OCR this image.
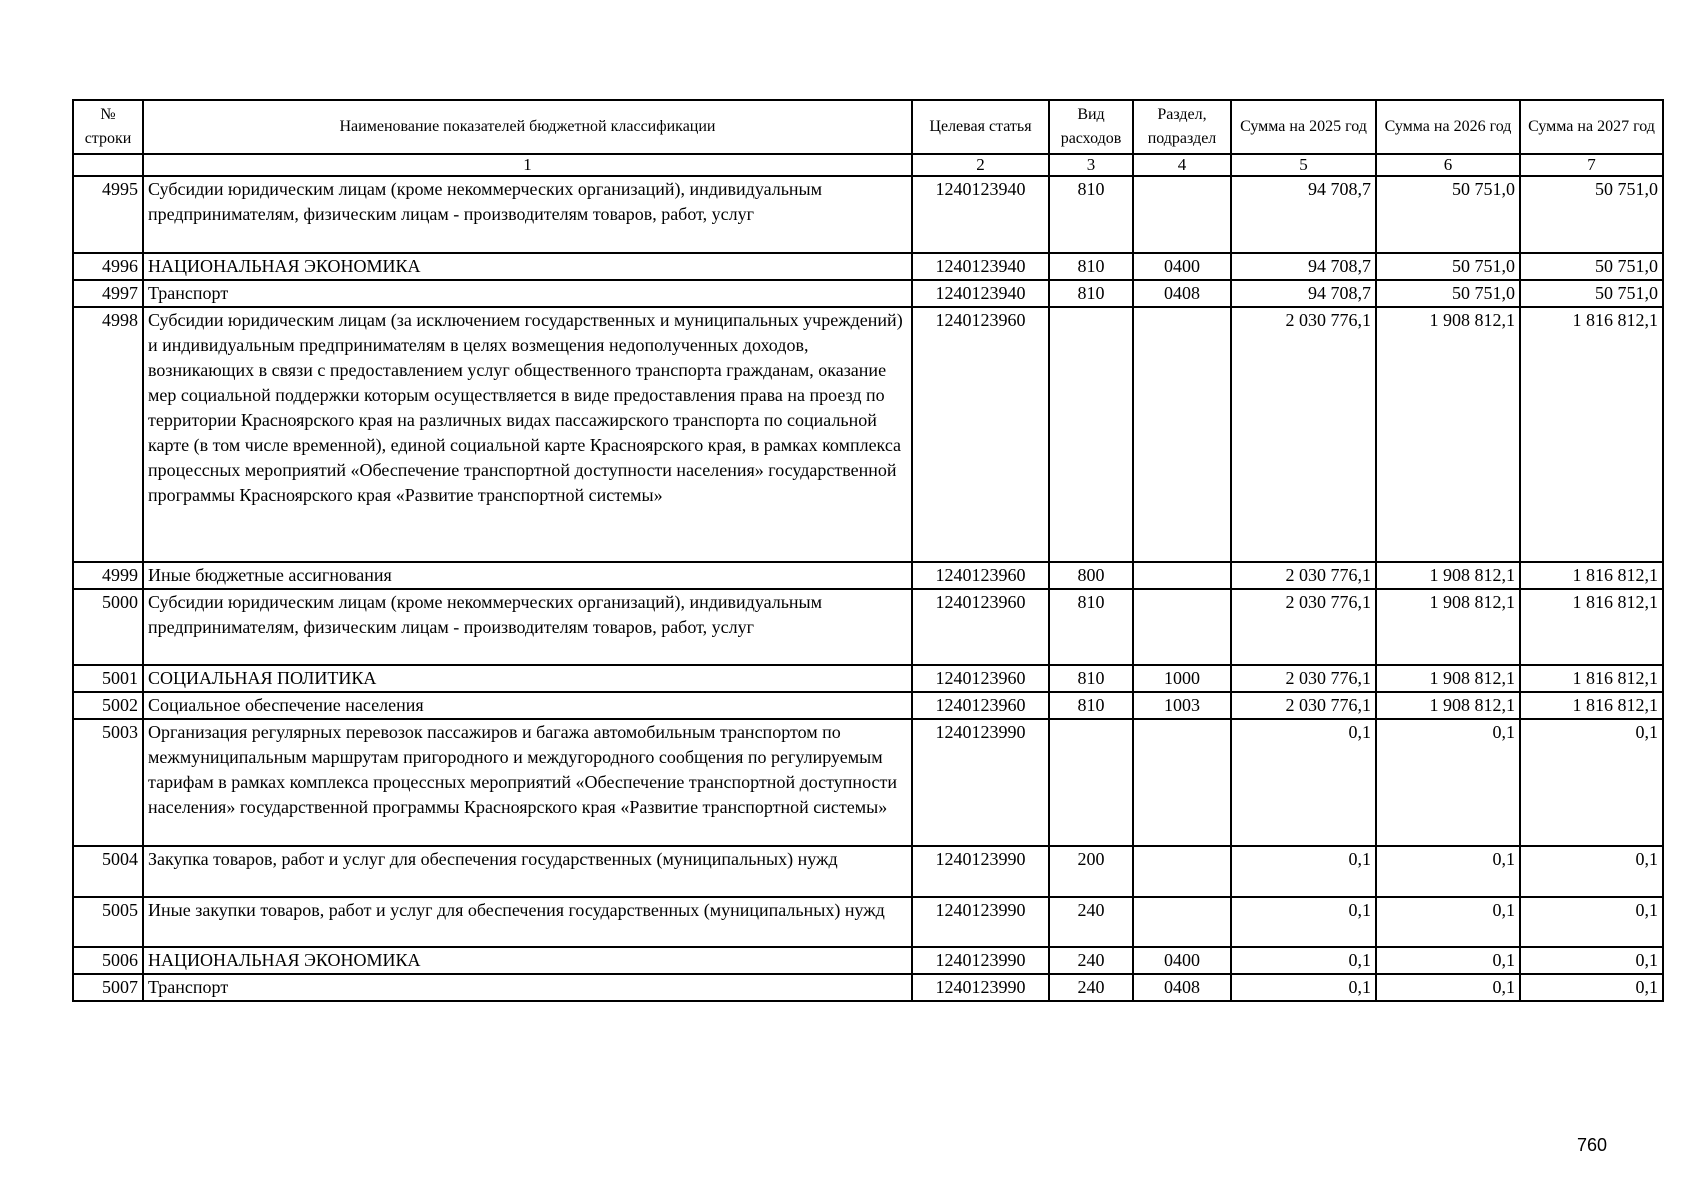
№ строки	Наименование показателей бюджетной классификации	Целевая статья	Вид расходов	Раздел, подраздел	Сумма на 2025 год	Сумма на 2026 год	Сумма на 2027 год
	1	2	3	4	5	6	7
4995	Субсидии юридическим лицам (кроме некоммерческих организаций), индивидуальным предпринимателям, физическим лицам - производителям товаров, работ, услуг	1240123940	810		94 708,7	50 751,0	50 751,0
4996	НАЦИОНАЛЬНАЯ ЭКОНОМИКА	1240123940	810	0400	94 708,7	50 751,0	50 751,0
4997	Транспорт	1240123940	810	0408	94 708,7	50 751,0	50 751,0
4998	Субсидии юридическим лицам (за исключением государственных и муниципальных учреждений) и индивидуальным предпринимателям в целях возмещения недополученных доходов, возникающих в связи с предоставлением услуг общественного транспорта гражданам, оказание мер социальной поддержки которым осуществляется в виде предоставления права на проезд по территории Красноярского края на различных видах пассажирского транспорта по социальной карте (в том числе временной), единой социальной карте Красноярского края, в рамках комплекса процессных мероприятий «Обеспечение транспортной доступности населения» государственной программы Красноярского края «Развитие транспортной системы»	1240123960			2 030 776,1	1 908 812,1	1 816 812,1
4999	Иные бюджетные ассигнования	1240123960	800		2 030 776,1	1 908 812,1	1 816 812,1
5000	Субсидии юридическим лицам (кроме некоммерческих организаций), индивидуальным предпринимателям, физическим лицам - производителям товаров, работ, услуг	1240123960	810		2 030 776,1	1 908 812,1	1 816 812,1
5001	СОЦИАЛЬНАЯ ПОЛИТИКА	1240123960	810	1000	2 030 776,1	1 908 812,1	1 816 812,1
5002	Социальное обеспечение населения	1240123960	810	1003	2 030 776,1	1 908 812,1	1 816 812,1
5003	Организация регулярных перевозок пассажиров и багажа автомобильным транспортом по межмуниципальным маршрутам пригородного и междугородного сообщения по регулируемым тарифам в рамках комплекса процессных мероприятий «Обеспечение транспортной доступности населения» государственной программы Красноярского края «Развитие транспортной системы»	1240123990			0,1	0,1	0,1
5004	Закупка товаров, работ и услуг для обеспечения государственных (муниципальных) нужд	1240123990	200		0,1	0,1	0,1
5005	Иные закупки товаров, работ и услуг для обеспечения государственных (муниципальных) нужд	1240123990	240		0,1	0,1	0,1
5006	НАЦИОНАЛЬНАЯ ЭКОНОМИКА	1240123990	240	0400	0,1	0,1	0,1
5007	Транспорт	1240123990	240	0408	0,1	0,1	0,1
760
